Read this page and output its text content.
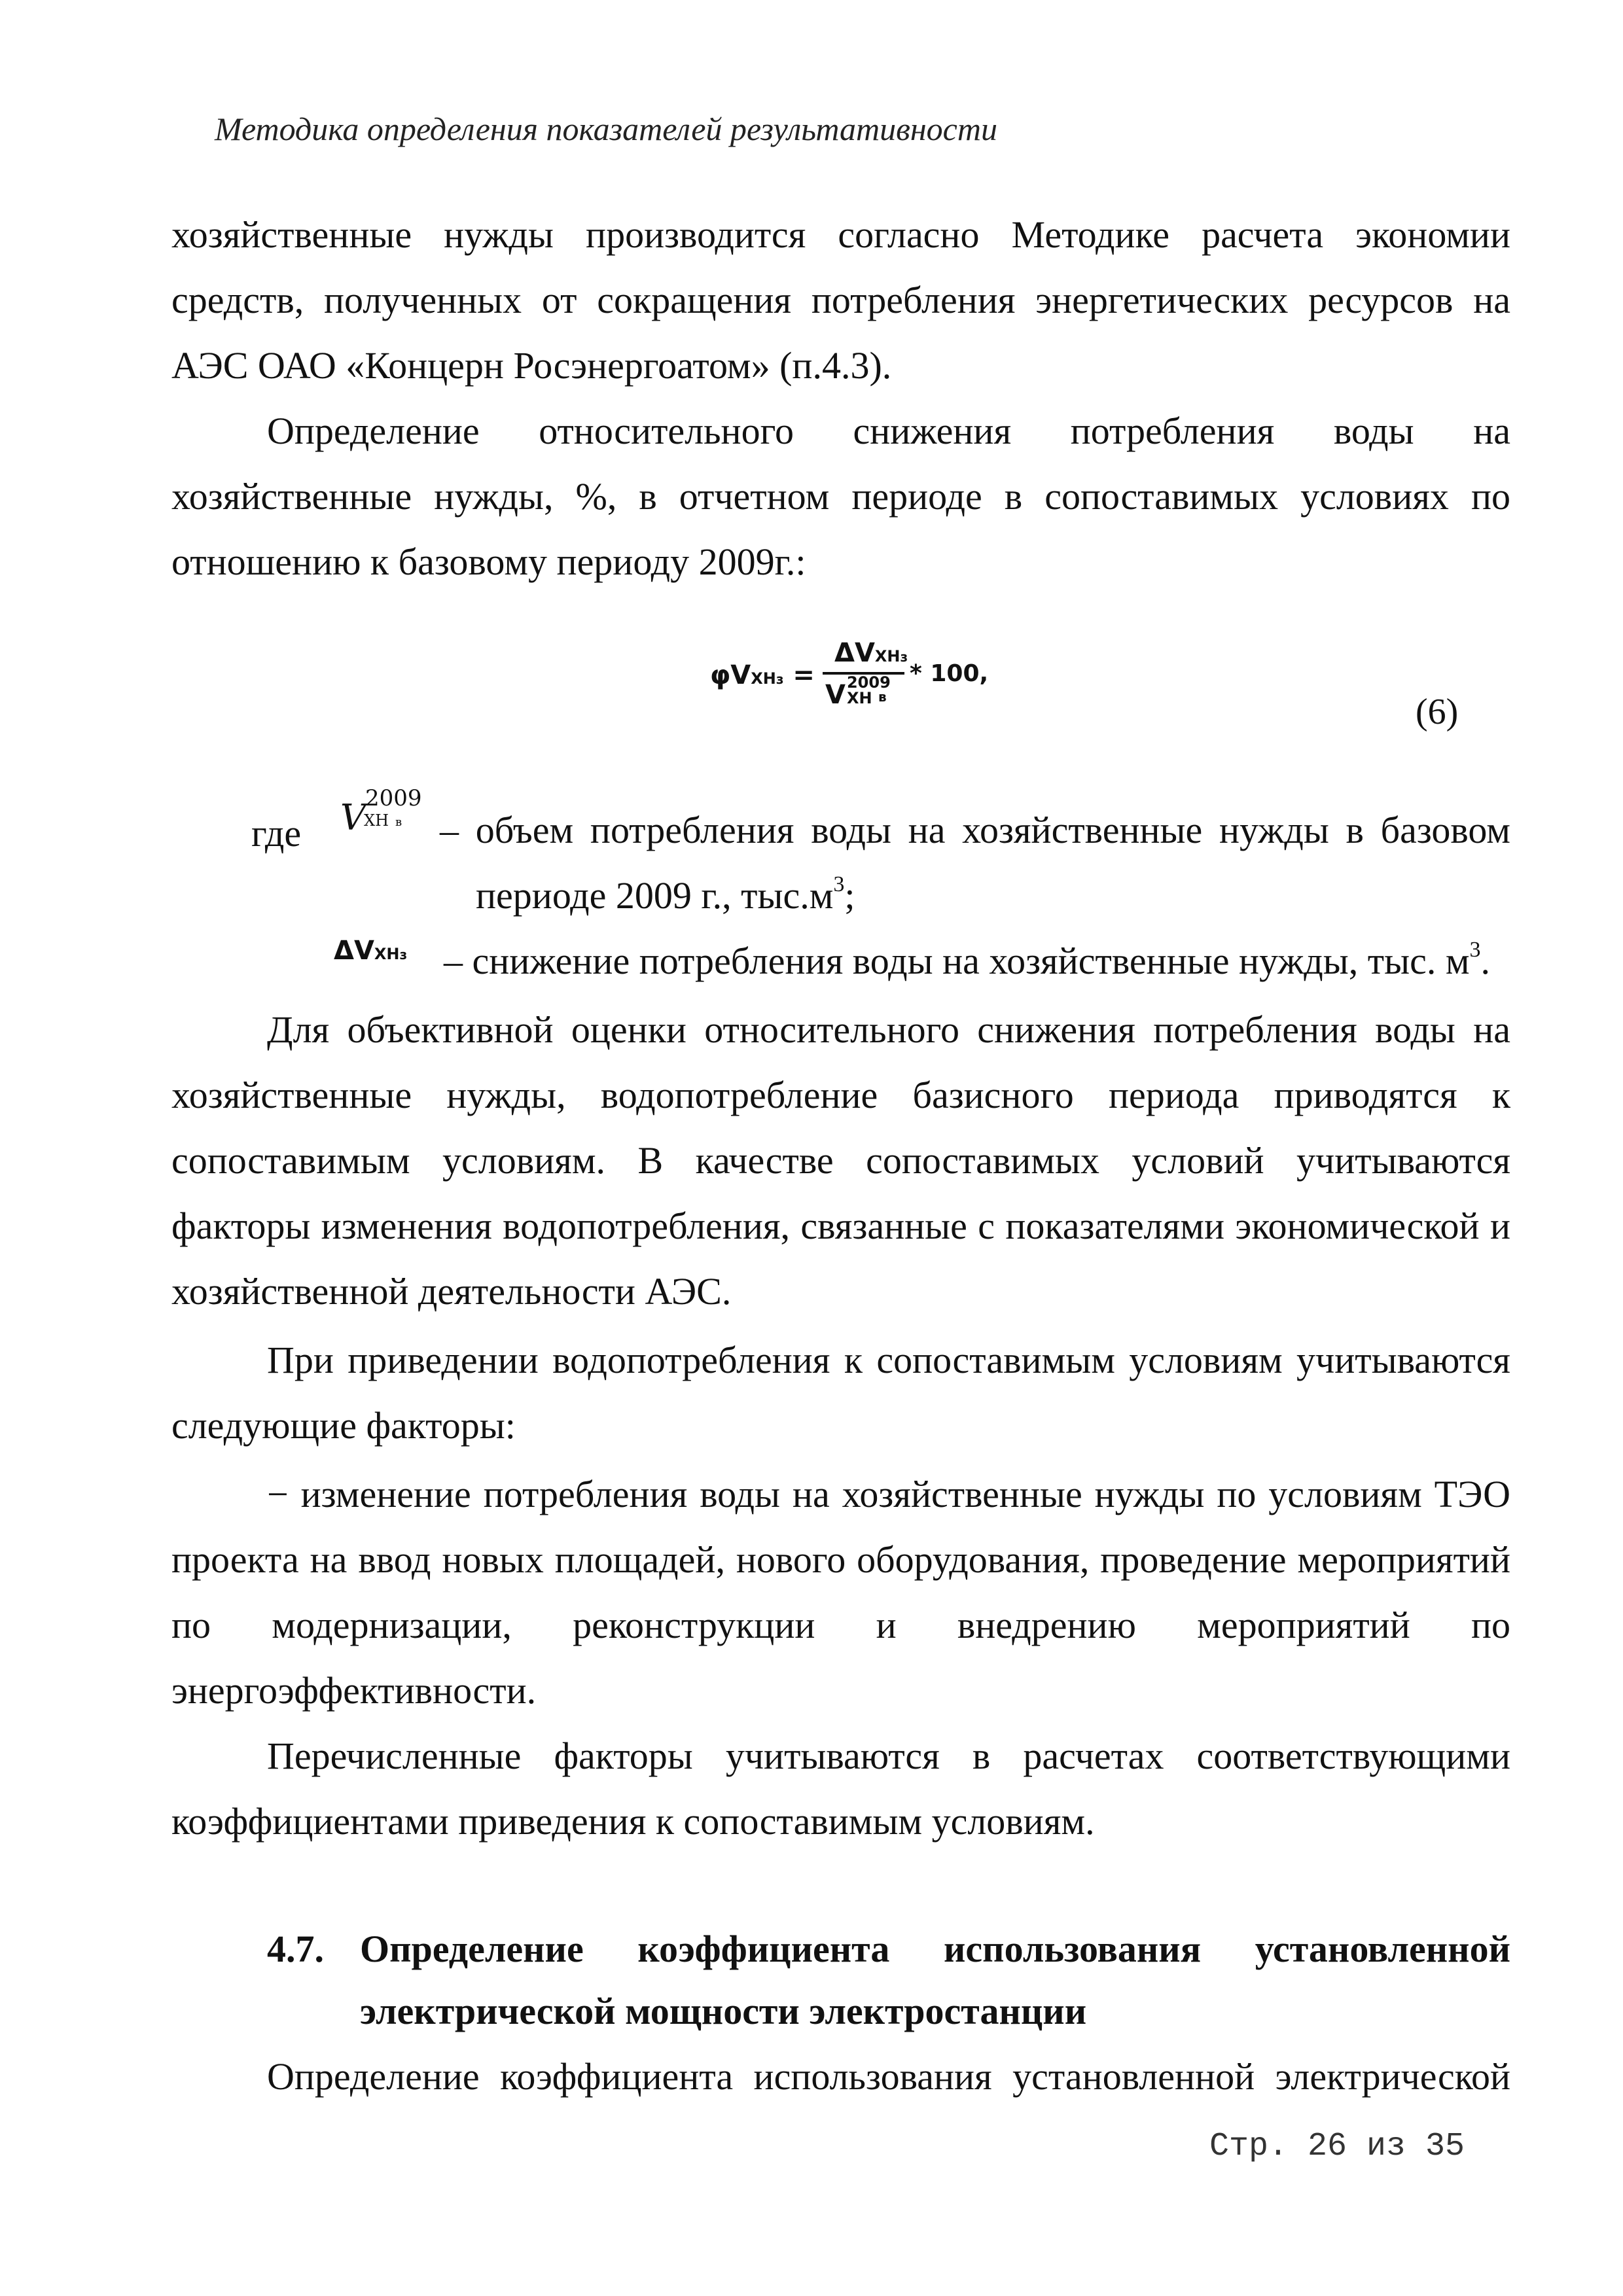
Методика определения показателей результативности
хозяйственные нужды производится согласно Методике расчета экономии
средств, полученных от сокращения потребления энергетических ресурсов на
АЭС ОАО «Концерн Росэнергоатом» (п.4.3).
Определение относительного снижения потребления воды на
хозяйственные нужды, %, в отчетном периоде в сопоставимых условиях по
отношению к базовому периоду 2009г.:
φVХНз =
ΔVХНз
V 2009
ХН в
* 100,
(6)
где V 2009
ХН в – объем потребления воды на хозяйственные нужды в базовом
периоде 2009 г., $тыс.м^3$;
ΔVХНз – снижение потребления воды на хозяйственные нужды, тыс. $м^3$.
Для объективной оценки относительного снижения потребления воды на
хозяйственные нужды, водопотребление базисного периода приводятся к
сопоставимым условиям. В качестве сопоставимых условий учитываются
факторы изменения водопотребления, связанные с показателями экономической и
хозяйственной деятельности АЭС.
При приведении водопотребления к сопоставимым условиям учитываются
следующие факторы:
− изменение потребления воды на хозяйственные нужды по условиям ТЭО
проекта на ввод новых площадей, нового оборудования, проведение мероприятий
по модернизации, реконструкции и внедрению мероприятий по
энергоэффективности.
Перечисленные факторы учитываются в расчетах соответствующими
коэффициентами приведения к сопоставимым условиям.
4.7. Определение коэффициента использования установленной
электрической мощности электростанции
Определение коэффициента использования установленной электрической
Стр. 26 из 35
